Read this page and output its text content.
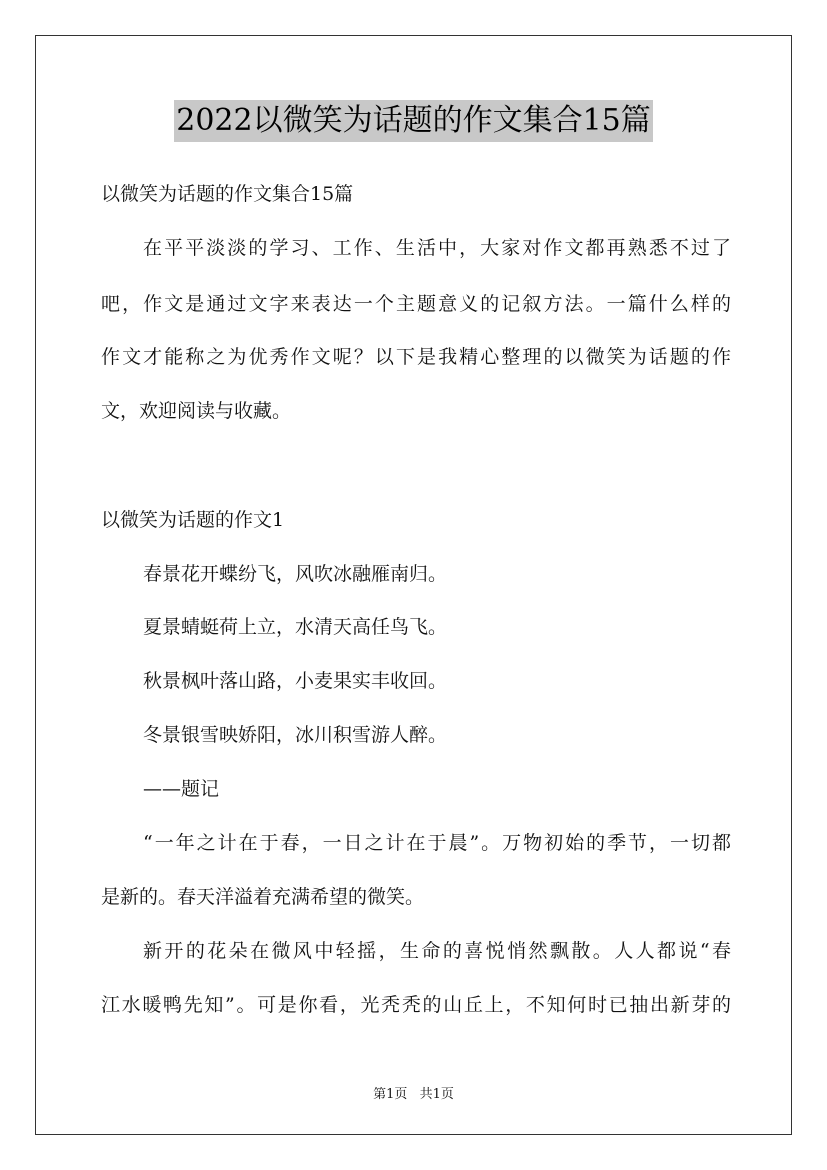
2022以微笑为话题的作文集合15篇
以微笑为话题的作文集合15篇
在平平淡淡的学习、工作、生活中，大家对作文都再熟悉不过了
吧，作文是通过文字来表达一个主题意义的记叙方法。一篇什么样的
作文才能称之为优秀作文呢？以下是我精心整理的以微笑为话题的作
文，欢迎阅读与收藏。
以微笑为话题的作文1
春景花开蝶纷飞，风吹冰融雁南归。
夏景蜻蜓荷上立，水清天高任鸟飞。
秋景枫叶落山路，小麦果实丰收回。
冬景银雪映娇阳，冰川积雪游人醉。
——题记
“一年之计在于春，一日之计在于晨”。万物初始的季节，一切都
是新的。春天洋溢着充满希望的微笑。
新开的花朵在微风中轻摇，生命的喜悦悄然飘散。人人都说“春
江水暖鸭先知”。可是你看，光秃秃的山丘上，不知何时已抽出新芽的
第1页 共1页
